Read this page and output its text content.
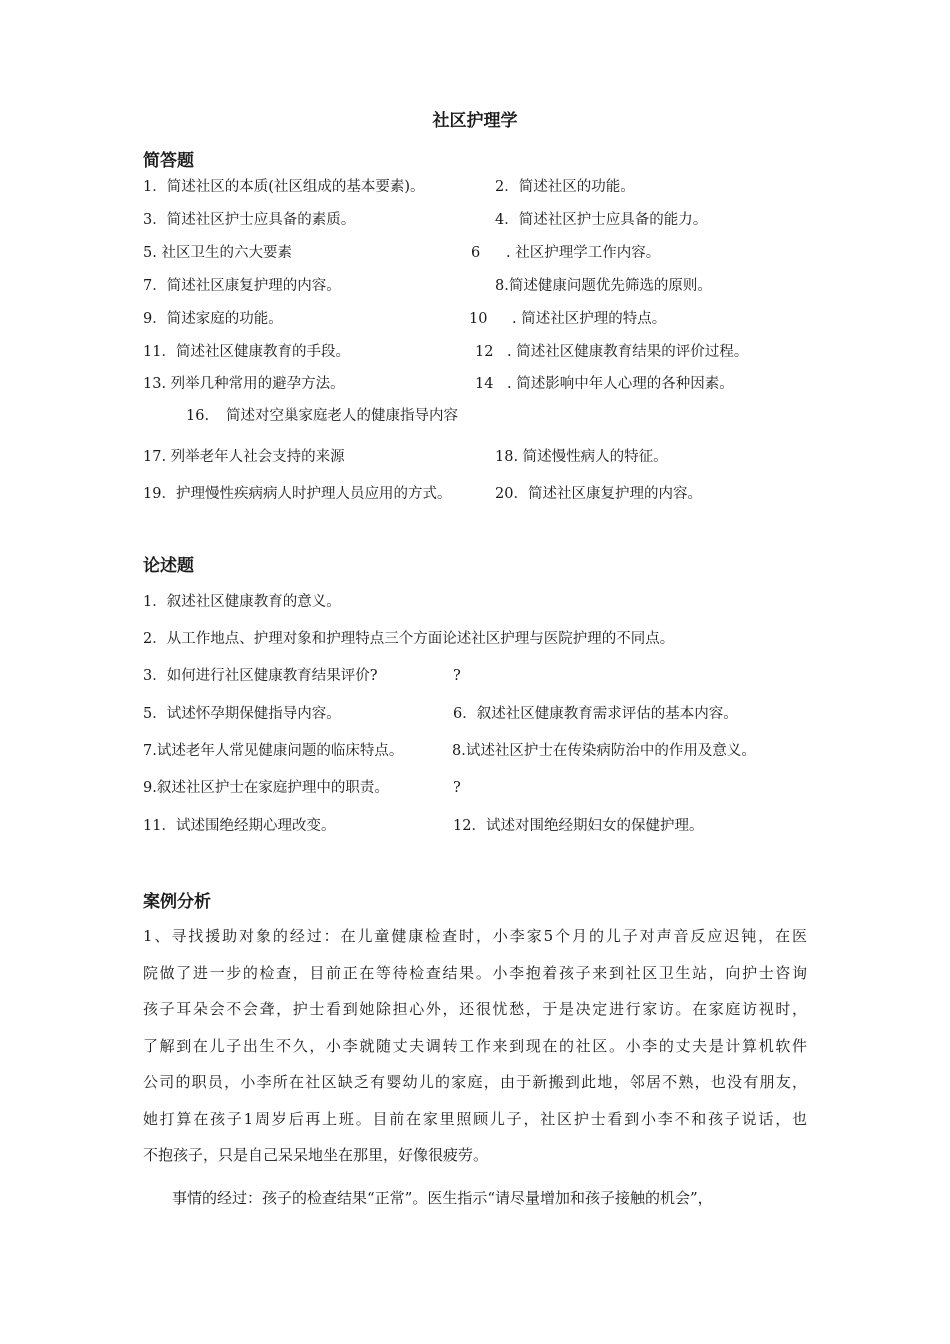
社区护理学
简答题
1．简述社区的本质(社区组成的基本要素)。	2．简述社区的功能。
3．简述社区护士应具备的素质。	4．简述社区护士应具备的能力。
5. 社区卫生的六大要素	6 . 社区护理学工作内容。
7．简述社区康复护理的内容。	8.简述健康问题优先筛选的原则。
9．简述家庭的功能。	10 . 简述社区护理的特点。
11．简述社区健康教育的手段。	12 . 简述社区健康教育结果的评价过程。
13. 列举几种常用的避孕方法。	14 . 简述影响中年人心理的各种因素。
16. 简述对空巢家庭老人的健康指导内容
17. 列举老年人社会支持的来源	18. 简述慢性病人的特征。
19．护理慢性疾病病人时护理人员应用的方式。	20．简述社区康复护理的内容。
论述题
1．叙述社区健康教育的意义。
2．从工作地点、护理对象和护理特点三个方面论述社区护理与医院护理的不同点。
3．如何进行社区健康教育结果评价?	?
5．试述怀孕期保健指导内容。	6．叙述社区健康教育需求评估的基本内容。
7.试述老年人常见健康问题的临床特点。	8.试述社区护士在传染病防治中的作用及意义。
9.叙述社区护士在家庭护理中的职责。	?
11．试述围绝经期心理改变。	12．试述对围绝经期妇女的保健护理。
案例分析
1、寻找援助对象的经过：在儿童健康检查时，小李家5个月的儿子对声音反应迟钝，在医
院做了进一步的检查，目前正在等待检查结果。小李抱着孩子来到社区卫生站，向护士咨询
孩子耳朵会不会聋，护士看到她除担心外，还很忧愁，于是决定进行家访。在家庭访视时，
了解到在儿子出生不久，小李就随丈夫调转工作来到现在的社区。小李的丈夫是计算机软件
公司的职员，小李所在社区缺乏有婴幼儿的家庭，由于新搬到此地，邻居不熟，也没有朋友，
她打算在孩子1周岁后再上班。目前在家里照顾儿子，社区护士看到小李不和孩子说话，也
不抱孩子，只是自己呆呆地坐在那里，好像很疲劳。
事情的经过：孩子的检查结果“正常”。医生指示“请尽量增加和孩子接触的机会”，
